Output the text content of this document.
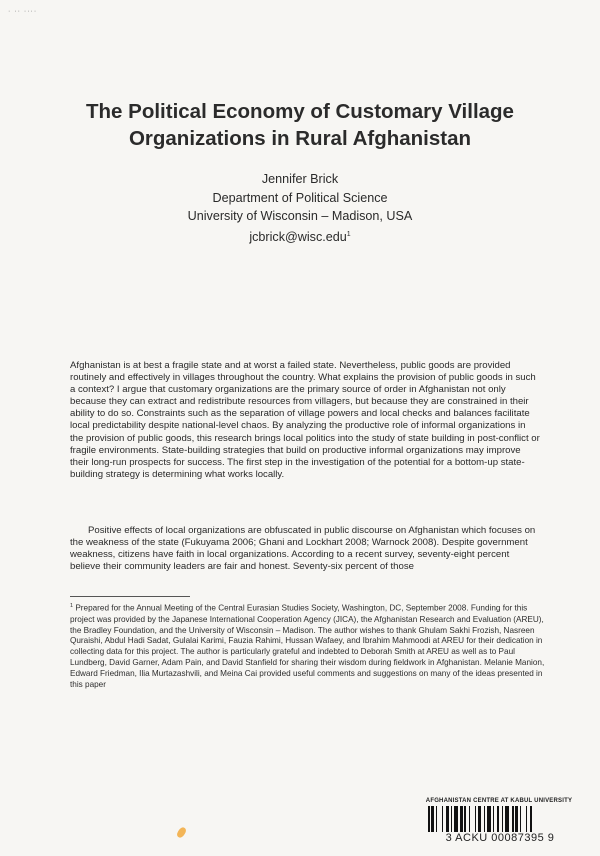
· ·· ····
The Political Economy of Customary Village
Organizations in Rural Afghanistan
Jennifer Brick
Department of Political Science
University of Wisconsin – Madison, USA
jcbrick@wisc.edu$^1$

Afghanistan is at best a fragile state and at worst a failed state. Nevertheless, public goods are provided routinely and effectively in villages throughout the country. What explains the provision of public goods in such a context? I argue that customary organizations are the primary source of order in Afghanistan not only because they can extract and redistribute resources from villagers, but because they are constrained in their ability to do so. Constraints such as the separation of village powers and local checks and balances facilitate local predictability despite national-level chaos. By analyzing the productive role of informal organizations in the provision of public goods, this research brings local politics into the study of state building in post-conflict or fragile environments. State-building strategies that build on productive informal organizations may improve their long-run prospects for success. The first step in the investigation of the potential for a bottom-up state-building strategy is determining what works locally.

Positive effects of local organizations are obfuscated in public discourse on Afghanistan which focuses on the weakness of the state (Fukuyama 2006; Ghani and Lockhart 2008; Warnock 2008). Despite government weakness, citizens have faith in local organizations. According to a recent survey, seventy-eight percent believe their community leaders are fair and honest. Seventy-six percent of those

$^1$ Prepared for the Annual Meeting of the Central Eurasian Studies Society, Washington, DC, September 2008. Funding for this project was provided by the Japanese International Cooperation Agency (JICA), the Afghanistan Research and Evaluation (AREU), the Bradley Foundation, and the University of Wisconsin – Madison. The author wishes to thank Ghulam Sakhi Frozish, Nasreen Quraishi, Abdul Hadi Sadat, Gulalai Karimi, Fauzia Rahimi, Hussan Wafaey, and Ibrahim Mahmoodi at AREU for their dedication in collecting data for this project. The author is particularly grateful and indebted to Deborah Smith at AREU as well as to Paul Lundberg, David Garner, Adam Pain, and David Stanfield for sharing their wisdom during fieldwork in Afghanistan. Melanie Manion, Edward Friedman, Ilia Murtazashvili, and Meina Cai provided useful comments and suggestions on many of the ideas presented in this paper

AFGHANISTAN CENTRE AT KABUL UNIVERSITY
3 ACKU 00087395 9
